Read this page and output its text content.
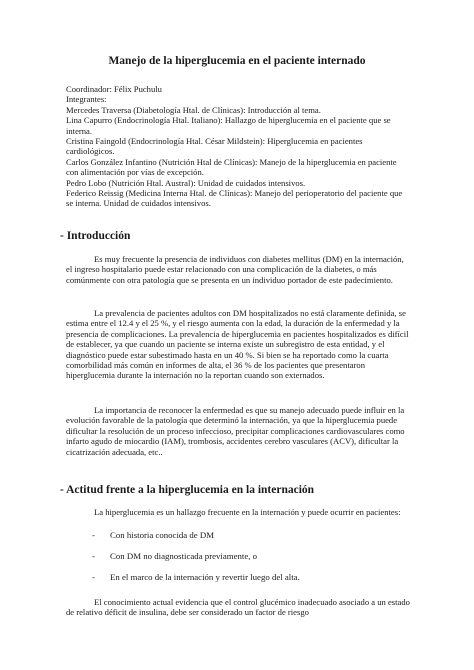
Manejo de la hiperglucemia en el paciente internado
Coordinador: Félix Puchulu
Integrantes:
Mercedes Traversa (Diabetología Htal. de Clínicas): Introducción al tema.
Lina Capurro (Endocrinología Htal. Italiano): Hallazgo de hiperglucemia en el paciente que se interna.
Cristina Faingold (Endocrinología Htal. César Mildstein): Hiperglucemia en pacientes cardiológicos.
Carlos González Infantino (Nutrición Htal de Clínicas): Manejo de la hiperglucemia en paciente con alimentación por vías de excepción.
Pedro Lobo (Nutrición Htal. Austral): Unidad de cuidados intensivos.
Federico Reissig (Medicina Interna Htal. de Clínicas): Manejo del perioperatorio del paciente que se interna. Unidad de cuidados intensivos.
- Introducción
Es muy frecuente la presencia de individuos con diabetes mellitus (DM) en la internación, el ingreso hospitalario puede estar relacionado con una complicación de la diabetes, o más comúnmente con otra patología que se presenta en un individuo portador de este padecimiento.
La prevalencia de pacientes adultos con DM hospitalizados no está claramente definida, se estima entre el 12.4 y el 25 %, y el riesgo aumenta con la edad, la duración de la enfermedad y la presencia de complicaciones. La prevalencia de hiperglucemia en pacientes hospitalizados es difícil de establecer, ya que cuando un paciente se interna existe un subregistro de esta entidad, y el diagnóstico puede estar subestimado hasta en un 40 %. Si bien se ha reportado como la cuarta comorbilidad más común en informes de alta, el 36 % de los pacientes que presentaron hiperglucemia durante la internación no la reportan cuando son externados.
La importancia de reconocer la enfermedad es que su manejo adecuado puede influir en la evolución favorable de la patología que determinó la internación, ya que la hiperglucemia puede dificultar la resolución de un proceso infeccioso, precipitar complicaciones cardiovasculares como infarto agudo de miocardio (IAM), trombosis, accidentes cerebro vasculares (ACV), dificultar la cicatrización adecuada, etc..
- Actitud frente a la hiperglucemia en la internación
La hiperglucemia es un hallazgo frecuente en la internación y puede ocurrir en pacientes:
- Con historia conocida de DM
- Con DM no diagnosticada previamente, o
- En el marco de la internación y revertir luego del alta.
El conocimiento actual evidencia que el control glucémico inadecuado asociado a un estado de relativo déficit de insulina, debe ser considerado un factor de riesgo
